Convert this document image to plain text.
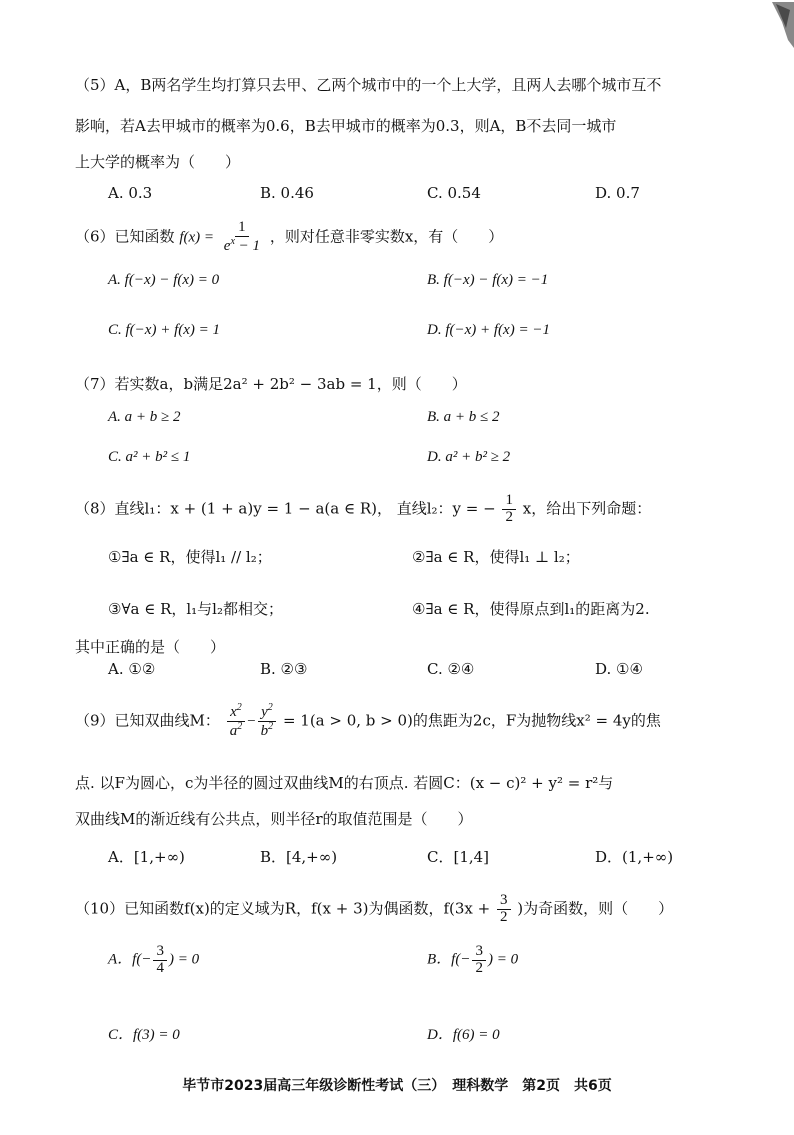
（5）A，B两名学生均打算只去甲、乙两个城市中的一个上大学，且两人去哪个城市互不
影响，若A去甲城市的概率为0.6，B去甲城市的概率为0.3，则A，B不去同一城市
上大学的概率为（　　）
A. 0.3	B. 0.46	C. 0.54	D. 0.7
（6）已知函数 $f(x) = \frac{1}{e^x - 1}$ ，则对任意非零实数x，有（　　）
A. f(−x) − f(x) = 0	B. f(−x) − f(x) = −1
C. f(−x) + f(x) = 1	D. f(−x) + f(x) = −1
（7）若实数a，b满足2a² + 2b² − 3ab = 1，则（　　）
A. a + b ≥ 2	B. a + b ≤ 2
C. a² + b² ≤ 1	D. a² + b² ≥ 2
（8）直线l₁：x + (1 + a)y = 1 − a(a ∈ R)， 直线l₂：y = − $\frac{1}{2}$ x，给出下列命题：
①∃a ∈ R，使得l₁ // l₂；	②∃a ∈ R，使得l₁ ⊥ l₂；
③∀a ∈ R，l₁与l₂都相交；	④∃a ∈ R，使得原点到l₁的距离为2.
其中正确的是（　　）
A. ①②	B. ②③	C. ②④	D. ①④
（9）已知双曲线M： $\frac{x^2}{a^2} - \frac{y^2}{b^2} = 1(a > 0$, b > 0)的焦距为2c，F为抛物线x² = 4y的焦
点. 以F为圆心，c为半径的圆过双曲线M的右顶点. 若圆C：(x − c)² + y² = r²与
双曲线M的渐近线有公共点，则半径r的取值范围是（　　）
A．[1,+∞)	B．[4,+∞)	C．[1,4]	D．(1,+∞)
（10）已知函数f(x)的定义域为R，f(x + 3)为偶函数，$f(3x + \frac{3}{2}$ )为奇函数，则（　　）
A．$f(- \frac{3}{4}$ ) = 0	B．$f(- \frac{3}{2}$ ) = 0
C．f(3) = 0	D．f(6) = 0
毕节市2023届高三年级诊断性考试（三）　理科数学　第2页　共6页
